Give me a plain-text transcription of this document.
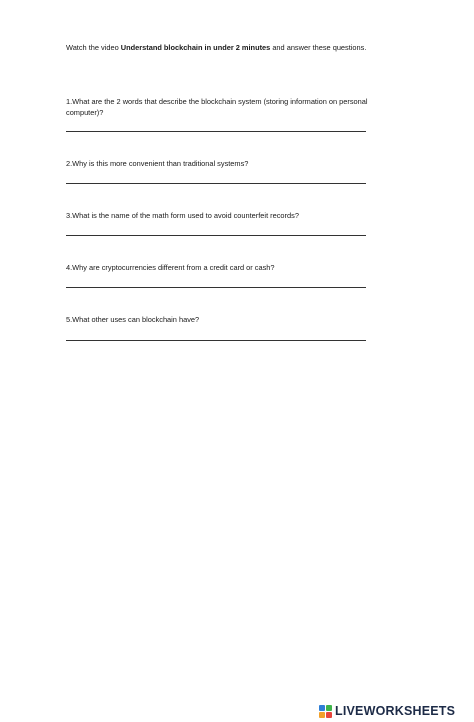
Watch the video Understand blockchain in under 2 minutes and answer these questions.
1.What are the 2 words that describe the blockchain system (storing information on personal computer)?
2.Why is this more convenient than traditional systems?
3.What is the name of the math form used to avoid counterfeit records?
4.Why are cryptocurrencies different from a credit card or cash?
5.What other uses can blockchain have?
LIVEWORKSHEETS
